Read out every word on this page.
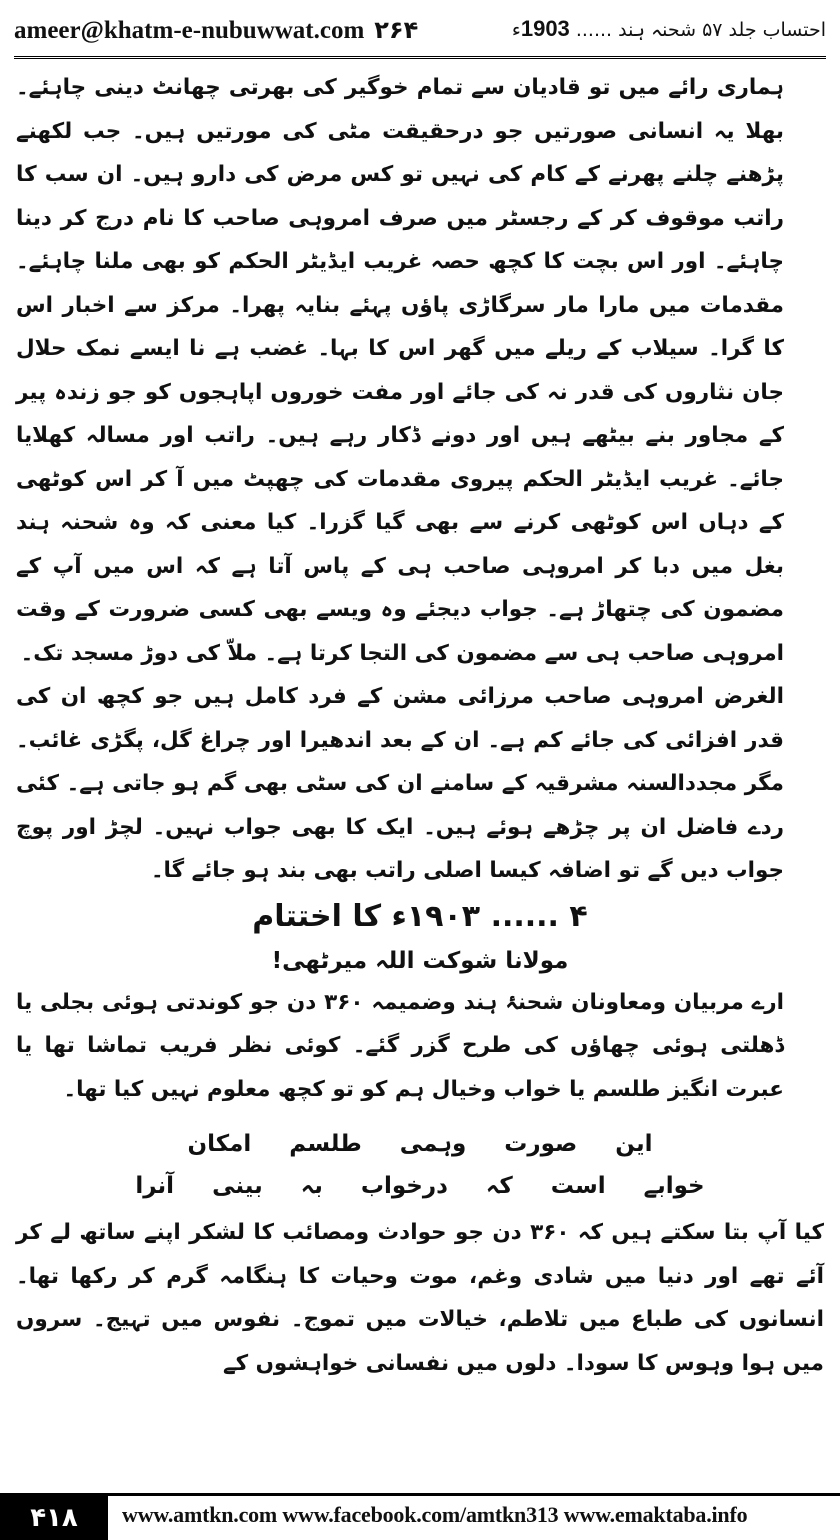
ameer@khatm-e-nubuwwat.com ۲۶۴	احتساب جلد ۵۷ شحنہ ہند ...... 1903ء

ہماری رائے میں تو قادیان سے تمام خوگیر کی بھرتی چھانٹ دینی چاہئے۔ بھلا یہ انسانی صورتیں جو درحقیقت مٹی کی مورتیں ہیں۔ جب لکھنے پڑھنے چلنے پھرنے کے کام کی نہیں تو کس مرض کی دارو ہیں۔ ان سب کا راتب موقوف کر کے رجسٹر میں صرف امروہی صاحب کا نام درج کر دینا چاہئے۔ اور اس بچت کا کچھ حصہ غریب ایڈیٹر الحکم کو بھی ملنا چاہئے۔ مقدمات میں مارا مار سرگاڑی پاؤں پہئے بنایہ پھرا۔ مرکز سے اخبار اس کا گرا۔ سیلاب کے ریلے میں گھر اس کا بہا۔ غضب ہے نا ایسے نمک حلال جان نثاروں کی قدر نہ کی جائے اور مفت خوروں اپاہجوں کو جو زندہ پیر کے مجاور بنے بیٹھے ہیں اور دونے ڈکار رہے ہیں۔ راتب اور مسالہ کھلایا جائے۔ غریب ایڈیٹر الحکم پیروی مقدمات کی چھپٹ میں آ کر اس کوٹھی کے دہاں اس کوٹھی کرنے سے بھی گیا گزرا۔ کیا معنی کہ وہ شحنہ ہند بغل میں دبا کر امروہی صاحب ہی کے پاس آتا ہے کہ اس میں آپ کے مضمون کی چتھاڑ ہے۔ جواب دیجئے وہ ویسے بھی کسی ضرورت کے وقت امروہی صاحب ہی سے مضمون کی التجا کرتا ہے۔ ملاّ کی دوڑ مسجد تک۔

الغرض امروہی صاحب مرزائی مشن کے فرد کامل ہیں جو کچھ ان کی قدر افزائی کی جائے کم ہے۔ ان کے بعد اندھیرا اور چراغ گل، پگڑی غائب۔ مگر مجددالسنہ مشرقیہ کے سامنے ان کی سٹی بھی گم ہو جاتی ہے۔ کئی ردے فاضل ان پر چڑھے ہوئے ہیں۔ ایک کا بھی جواب نہیں۔ لچڑ اور پوچ جواب دیں گے تو اضافہ کیسا اصلی راتب بھی بند ہو جائے گا۔

۴ ...... ۱۹۰۳ء کا اختتام
مولانا شوکت اللہ میرٹھی!

ارے مربیان ومعاونان شحنۂ ہند وضمیمہ ۳۶۰ دن جو کوندتی ہوئی بجلی یا ڈھلتی ہوئی چھاؤں کی طرح گزر گئے۔ کوئی نظر فریب تماشا تھا یا عبرت انگیز طلسم یا خواب وخیال ہم کو تو کچھ معلوم نہیں کیا تھا۔

این صورت وہمی طلسم امکان
خوابے است کہ درخواب بہ بینی آنرا

کیا آپ بتا سکتے ہیں کہ ۳۶۰ دن جو حوادث ومصائب کا لشکر اپنے ساتھ لے کر آئے تھے اور دنیا میں شادی وغم، موت وحیات کا ہنگامہ گرم کر رکھا تھا۔ انسانوں کی طباع میں تلاطم، خیالات میں تموج۔ نفوس میں تہیج۔ سروں میں ہوا وہوس کا سودا۔ دلوں میں نفسانی خواہشوں کے

۴۱۸	www.amtkn.com www.facebook.com/amtkn313 www.emaktaba.info
